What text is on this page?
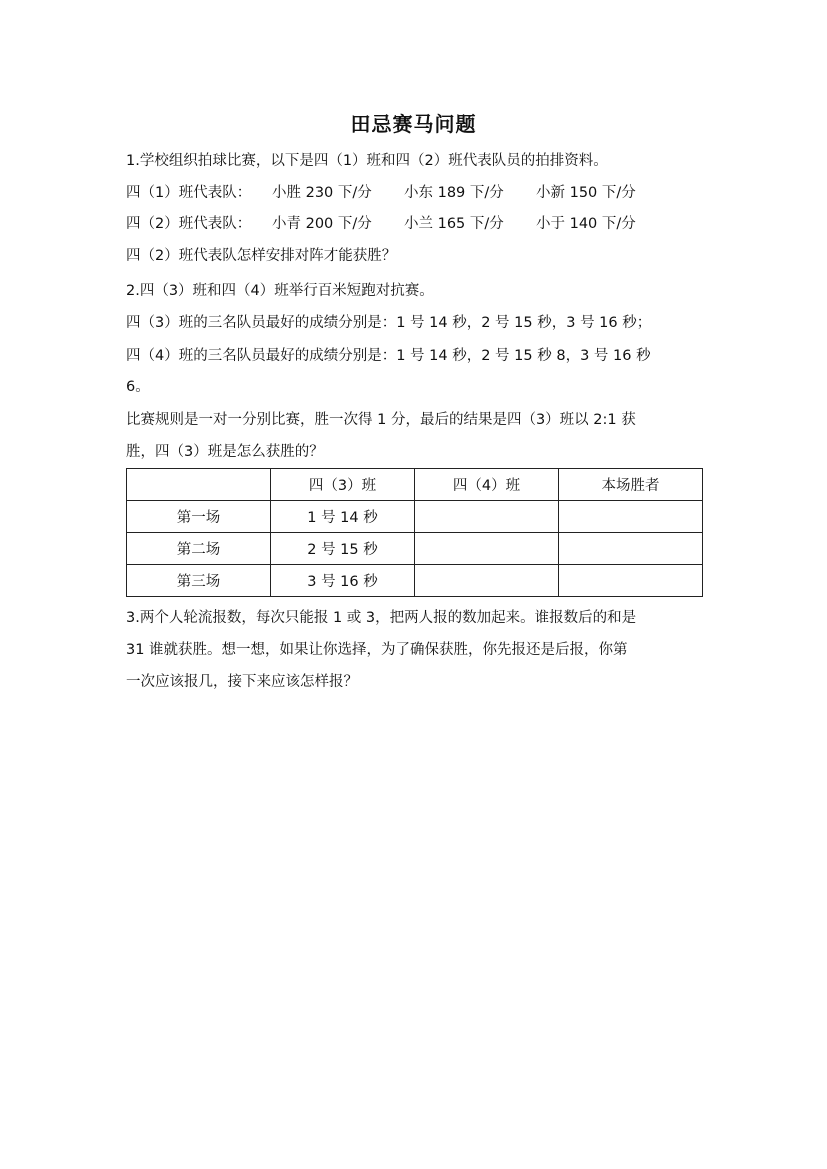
田忌赛马问题
1.学校组织拍球比赛，以下是四（1）班和四（2）班代表队员的拍排资料。
四（1）班代表队： 小胜 230 下/分 小东 189 下/分 小新 150 下/分
四（2）班代表队： 小青 200 下/分 小兰 165 下/分 小于 140 下/分
四（2）班代表队怎样安排对阵才能获胜？
2.四（3）班和四（4）班举行百米短跑对抗赛。
四（3）班的三名队员最好的成绩分别是：1 号 14 秒，2 号 15 秒，3 号 16 秒；
四（4）班的三名队员最好的成绩分别是：1 号 14 秒，2 号 15 秒 8，3 号 16 秒
6。
比赛规则是一对一分别比赛，胜一次得 1 分，最后的结果是四（3）班以 2:1 获
胜，四（3）班是怎么获胜的？
	四（3）班	四（4）班	本场胜者
第一场	1 号 14 秒		
第二场	2 号 15 秒		
第三场	3 号 16 秒		
3.两个人轮流报数，每次只能报 1 或 3，把两人报的数加起来。谁报数后的和是
31 谁就获胜。想一想，如果让你选择，为了确保获胜，你先报还是后报，你第
一次应该报几，接下来应该怎样报？
